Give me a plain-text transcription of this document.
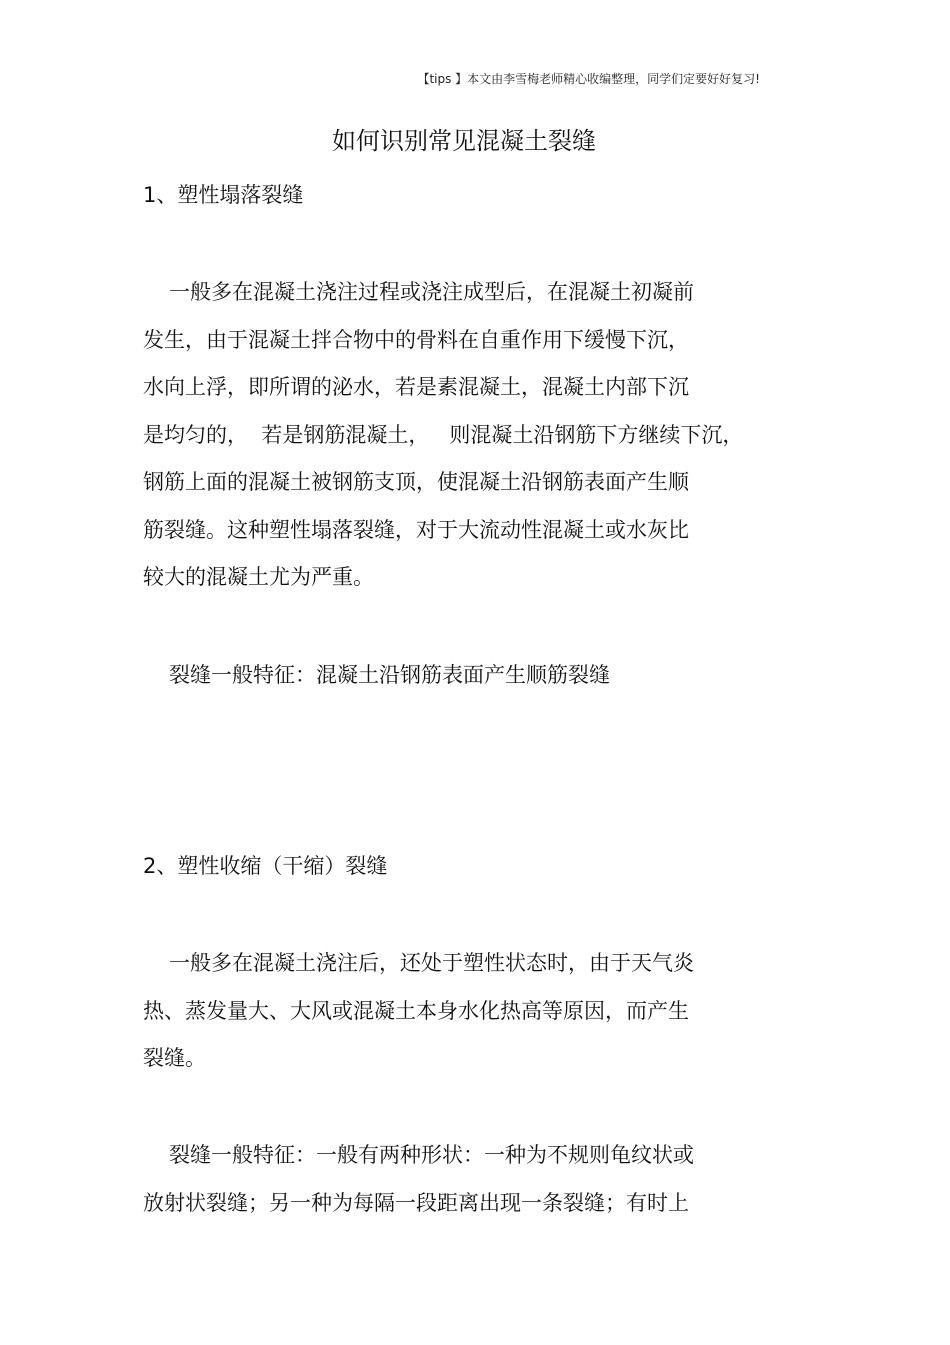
【tips 】本文由李雪梅老师精心收编整理，同学们定要好好复习!
如何识别常见混凝土裂缝
1、塑性塌落裂缝
一般多在混凝土浇注过程或浇注成型后，在混凝土初凝前
发生，由于混凝土拌合物中的骨料在自重作用下缓慢下沉，
水向上浮，即所谓的泌水，若是素混凝土，混凝土内部下沉
是均匀的，  若是钢筋混凝土，   则混凝土沿钢筋下方继续下沉，
钢筋上面的混凝土被钢筋支顶，使混凝土沿钢筋表面产生顺
筋裂缝。这种塑性塌落裂缝，对于大流动性混凝土或水灰比
较大的混凝土尤为严重。
裂缝一般特征：混凝土沿钢筋表面产生顺筋裂缝
2、塑性收缩（干缩）裂缝
一般多在混凝土浇注后，还处于塑性状态时，由于天气炎
热、蒸发量大、大风或混凝土本身水化热高等原因，而产生
裂缝。
裂缝一般特征：一般有两种形状：一种为不规则龟纹状或
放射状裂缝；另一种为每隔一段距离出现一条裂缝；有时上
